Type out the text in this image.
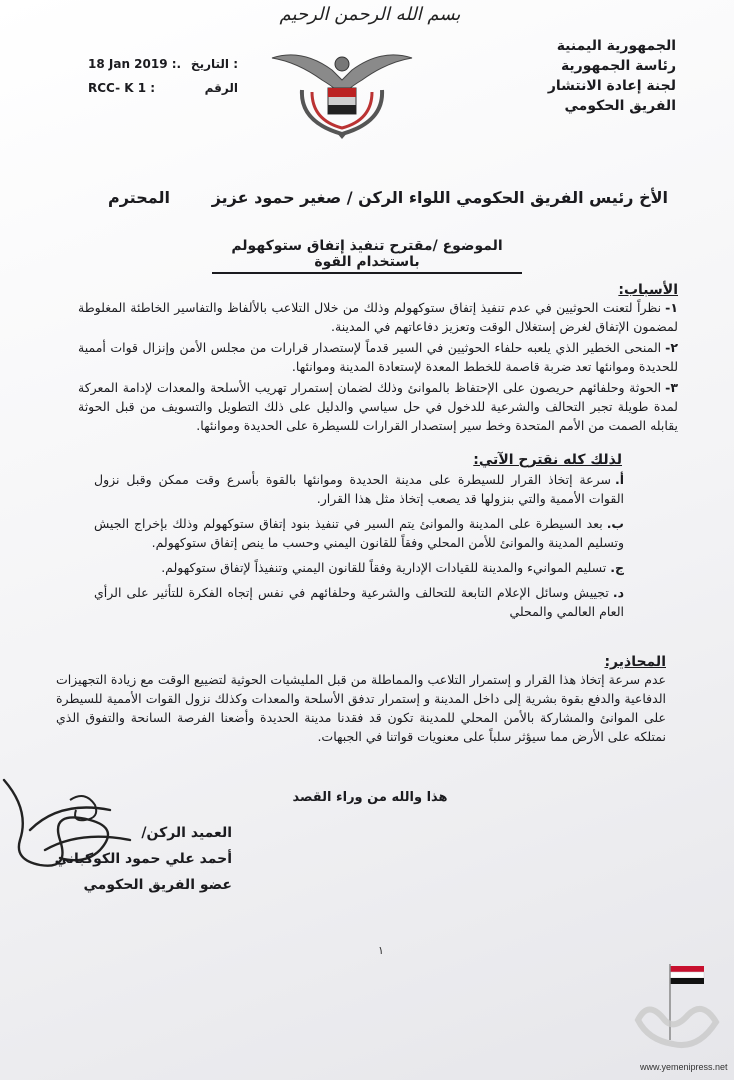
بسم الله الرحمن الرحيم
الجمهورية اليمنية
رئاسة الجمهورية
لجنة إعادة الانتشار
الفريق الحكومي
18 Jan 2019 :. التاريخ :
RCC- K 1 :	الرقم
الأخ رئيس الفريق الحكومي اللواء الركن / صغير حمود عزيز
المحترم
الموضوع /مقترح تنفيذ إتفاق ستوكهولم باستخدام القوة
الأسباب:
١-نظراً لتعنت الحوثيين في عدم تنفيذ إتفاق ستوكهولم وذلك من خلال التلاعب بالألفاظ والتفاسير الخاطئة المغلوطة لمضمون الإتفاق لغرض إستغلال الوقت وتعزيز دفاعاتهم في المدينة.
٢-المنحى الخطير الذي يلعبه حلفاء الحوثيين في السير قدماً لإستصدار قرارات من مجلس الأمن وإنزال قوات أممية للحديدة وموانئها تعد ضربة قاصمة للخطط المعدة لإستعادة المدينة وموانئها.
٣-الحوثة وحلفائهم حريصون على الإحتفاظ بالموانئ وذلك لضمان إستمرار تهريب الأسلحة والمعدات لإدامة المعركة لمدة طويلة تجبر التحالف والشرعية للدخول في حل سياسي والدليل على ذلك التطويل والتسويف من قبل الحوثة يقابله الصمت من الأمم المتحدة وخط سير إستصدار القرارات للسيطرة على الحديدة وموانئها.
لذلك كله نقترح الآتي:
أ.سرعة إتخاذ القرار للسيطرة على مدينة الحديدة وموانئها بالقوة بأسرع وقت ممكن وقبل نزول القوات الأممية والتي بنزولها قد يصعب إتخاذ مثل هذا القرار.
ب.بعد السيطرة على المدينة والموانئ يتم السير في تنفيذ بنود إتفاق ستوكهولم وذلك بإخراج الجيش وتسليم المدينة والموانئ للأمن المحلي وفقاً للقانون اليمني وحسب ما ينص إتفاق ستوكهولم.
ج.تسليم الموانيء والمدينة للقيادات الإدارية وفقاً للقانون اليمني وتنفيذاً لإتفاق ستوكهولم.
د.تجييش وسائل الإعلام التابعة للتحالف والشرعية وحلفائهم في نفس إتجاه الفكرة للتأثير على الرأي العام العالمي والمحلي
المحاذير:
عدم سرعة إتخاذ هذا القرار و إستمرار التلاعب والمماطلة من قبل المليشيات الحوثية لتضييع الوقت مع زيادة التجهيزات الدفاعية والدفع بقوة بشرية إلى داخل المدينة و إستمرار تدفق الأسلحة والمعدات وكذلك نزول القوات الأممية للسيطرة على الموانئ والمشاركة بالأمن المحلي للمدينة تكون قد فقدنا مدينة الحديدة وأضعنا الفرصة السانحة والتفوق الذي نمتلكه على الأرض مما سيؤثر سلباً على معنويات قواتنا في الجبهات.
هذا والله من وراء القصد
العميد الركن/
أحمد علي حمود الكوكباني
عضو الفريق الحكومي
١
www.yemenipress.net
